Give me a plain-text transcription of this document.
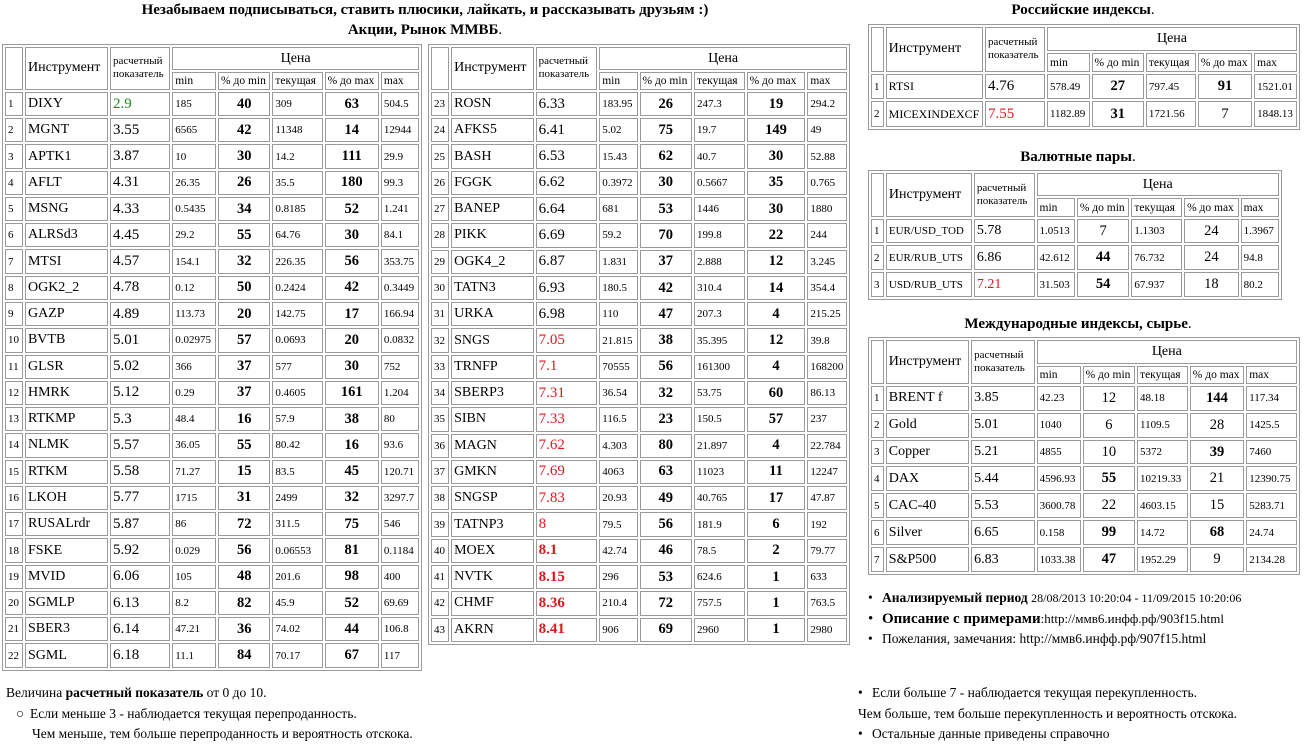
Незабываем подписываться, ставить плюсики, лайкать, и рассказывать друзьям :)
Акции, Рынок ММВБ.
	Инструмент	расчетный показатель	Цена				
			min	% до min	текущая	% до max	max
1	DIXY	2.9	185	40	309	63	504.5
2	MGNT	3.55	6565	42	11348	14	12944
3	APTK1	3.87	10	30	14.2	111	29.9
4	AFLT	4.31	26.35	26	35.5	180	99.3
5	MSNG	4.33	0.5435	34	0.8185	52	1.241
6	ALRSd3	4.45	29.2	55	64.76	30	84.1
7	MTSI	4.57	154.1	32	226.35	56	353.75
8	OGK2_2	4.78	0.12	50	0.2424	42	0.3449
9	GAZP	4.89	113.73	20	142.75	17	166.94
10	BVTB	5.01	0.02975	57	0.0693	20	0.0832
11	GLSR	5.02	366	37	577	30	752
12	HMRK	5.12	0.29	37	0.4605	161	1.204
13	RTKMP	5.3	48.4	16	57.9	38	80
14	NLMK	5.57	36.05	55	80.42	16	93.6
15	RTKM	5.58	71.27	15	83.5	45	120.71
16	LKOH	5.77	1715	31	2499	32	3297.7
17	RUSALrdr	5.87	86	72	311.5	75	546
18	FSKE	5.92	0.029	56	0.06553	81	0.1184
19	MVID	6.06	105	48	201.6	98	400
20	SGMLP	6.13	8.2	82	45.9	52	69.69
21	SBER3	6.14	47.21	36	74.02	44	106.8
22	SGML	6.18	11.1	84	70.17	67	117
	Инструмент	расчетный показатель	Цена				
			min	% до min	текущая	% до max	max
23	ROSN	6.33	183.95	26	247.3	19	294.2
24	AFKS5	6.41	5.02	75	19.7	149	49
25	BASH	6.53	15.43	62	40.7	30	52.88
26	FGGK	6.62	0.3972	30	0.5667	35	0.765
27	BANEP	6.64	681	53	1446	30	1880
28	PIKK	6.69	59.2	70	199.8	22	244
29	OGK4_2	6.87	1.831	37	2.888	12	3.245
30	TATN3	6.93	180.5	42	310.4	14	354.4
31	URKA	6.98	110	47	207.3	4	215.25
32	SNGS	7.05	21.815	38	35.395	12	39.8
33	TRNFP	7.1	70555	56	161300	4	168200
34	SBERP3	7.31	36.54	32	53.75	60	86.13
35	SIBN	7.33	116.5	23	150.5	57	237
36	MAGN	7.62	4.303	80	21.897	4	22.784
37	GMKN	7.69	4063	63	11023	11	12247
38	SNGSP	7.83	20.93	49	40.765	17	47.87
39	TATNP3	8	79.5	56	181.9	6	192
40	MOEX	8.1	42.74	46	78.5	2	79.77
41	NVTK	8.15	296	53	624.6	1	633
42	CHMF	8.36	210.4	72	757.5	1	763.5
43	AKRN	8.41	906	69	2960	1	2980
Российские индексы.
	Инструмент	расчетный показатель	Цена				
			min	% до min	текущая	% до max	max
1	RTSI	4.76	578.49	27	797.45	91	1521.01
2	MICEXINDEXCF	7.55	1182.89	31	1721.56	7	1848.13
Валютные пары.
	Инструмент	расчетный показатель	Цена				
			min	% до min	текущая	% до max	max
1	EUR/USD_TOD	5.78	1.0513	7	1.1303	24	1.3967
2	EUR/RUB_UTS	6.86	42.612	44	76.732	24	94.8
3	USD/RUB_UTS	7.21	31.503	54	67.937	18	80.2
Международные индексы, сырье.
	Инструмент	расчетный показатель	Цена				
			min	% до min	текущая	% до max	max
1	BRENT f	3.85	42.23	12	48.18	144	117.34
2	Gold	5.01	1040	6	1109.5	28	1425.5
3	Copper	5.21	4855	10	5372	39	7460
4	DAX	5.44	4596.93	55	10219.33	21	12390.75
5	CAC-40	5.53	3600.78	22	4603.15	15	5283.71
6	Silver	6.65	0.158	99	14.72	68	24.74
7	S&P500	6.83	1033.38	47	1952.29	9	2134.28
• Анализируемый период 28/08/2013 10:20:04 - 11/09/2015 10:20:06
• Описание с примерами:http://ммв6.инфф.рф/903f15.html
• Пожелания, замечания: http://ммв6.инфф.рф/907f15.html
Величина расчетный показатель от 0 до 10.
○ Если меньше 3 - наблюдается текущая перепроданность.
Чем меньше, тем больше перепроданность и вероятность отскока.
• Если больше 7 - наблюдается текущая перекупленность.
Чем больше, тем больше перекупленность и вероятность отскока.
• Остальные данные приведены справочно
